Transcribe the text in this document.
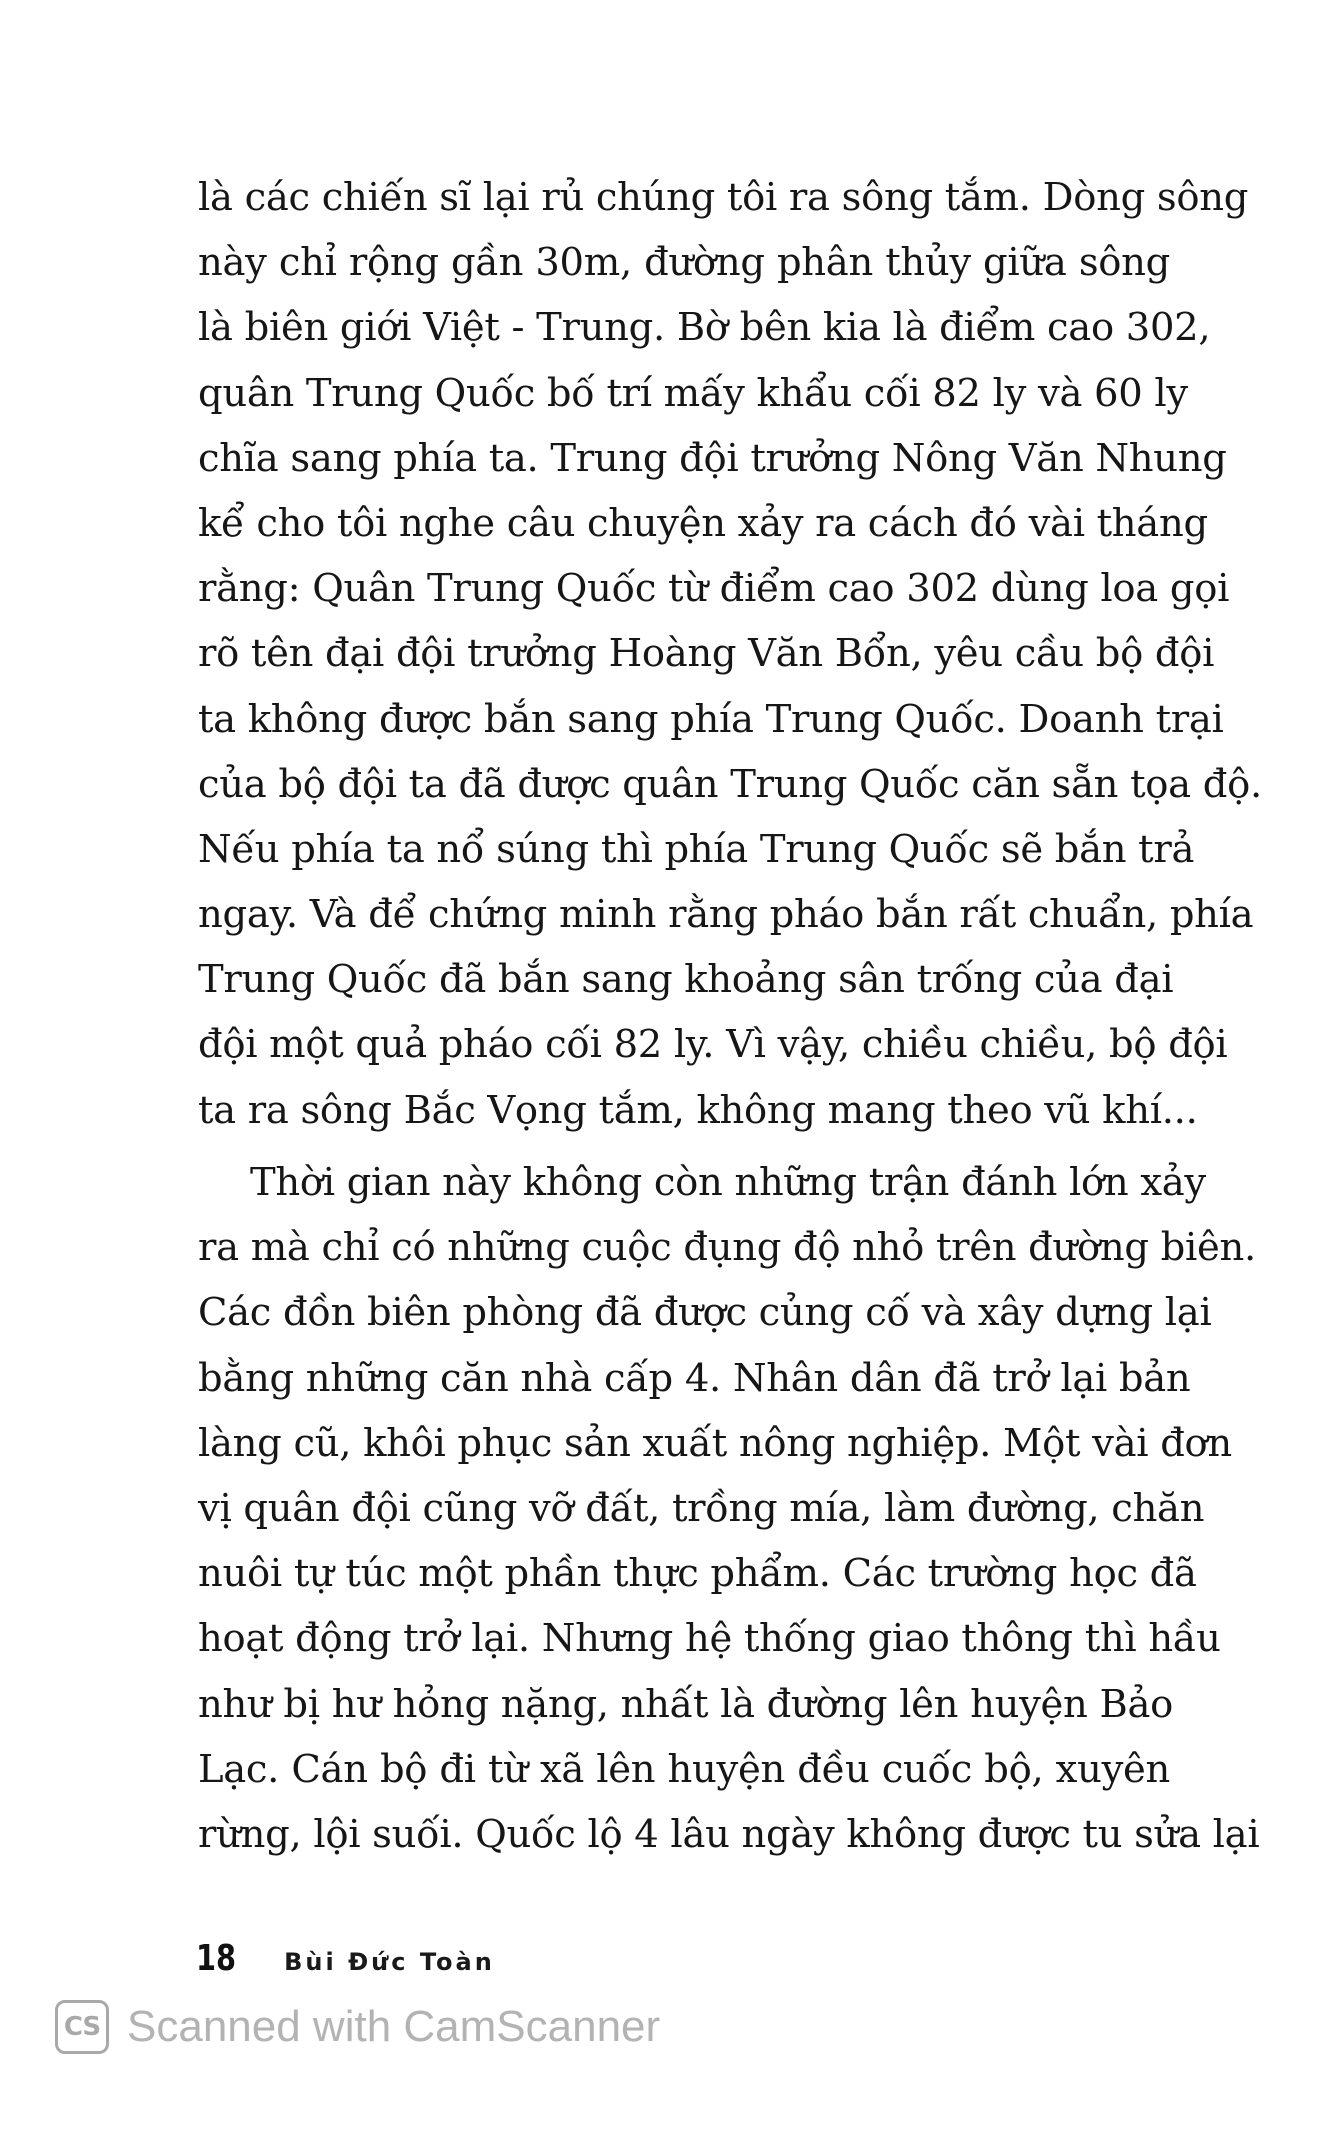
là các chiến sĩ lại rủ chúng tôi ra sông tắm. Dòng sông
này chỉ rộng gần 30m, đường phân thủy giữa sông
là biên giới Việt - Trung. Bờ bên kia là điểm cao 302,
quân Trung Quốc bố trí mấy khẩu cối 82 ly và 60 ly
chĩa sang phía ta. Trung đội trưởng Nông Văn Nhung
kể cho tôi nghe câu chuyện xảy ra cách đó vài tháng
rằng: Quân Trung Quốc từ điểm cao 302 dùng loa gọi
rõ tên đại đội trưởng Hoàng Văn Bổn, yêu cầu bộ đội
ta không được bắn sang phía Trung Quốc. Doanh trại
của bộ đội ta đã được quân Trung Quốc căn sẵn tọa độ.
Nếu phía ta nổ súng thì phía Trung Quốc sẽ bắn trả
ngay. Và để chứng minh rằng pháo bắn rất chuẩn, phía
Trung Quốc đã bắn sang khoảng sân trống của đại
đội một quả pháo cối 82 ly. Vì vậy, chiều chiều, bộ đội
ta ra sông Bắc Vọng tắm, không mang theo vũ khí...
Thời gian này không còn những trận đánh lớn xảy
ra mà chỉ có những cuộc đụng độ nhỏ trên đường biên.
Các đồn biên phòng đã được củng cố và xây dựng lại
bằng những căn nhà cấp 4. Nhân dân đã trở lại bản
làng cũ, khôi phục sản xuất nông nghiệp. Một vài đơn
vị quân đội cũng vỡ đất, trồng mía, làm đường, chăn
nuôi tự túc một phần thực phẩm. Các trường học đã
hoạt động trở lại. Nhưng hệ thống giao thông thì hầu
như bị hư hỏng nặng, nhất là đường lên huyện Bảo
Lạc. Cán bộ đi từ xã lên huyện đều cuốc bộ, xuyên
rừng, lội suối. Quốc lộ 4 lâu ngày không được tu sửa lại
18 Bùi Đức Toàn
CS Scanned with CamScanner
